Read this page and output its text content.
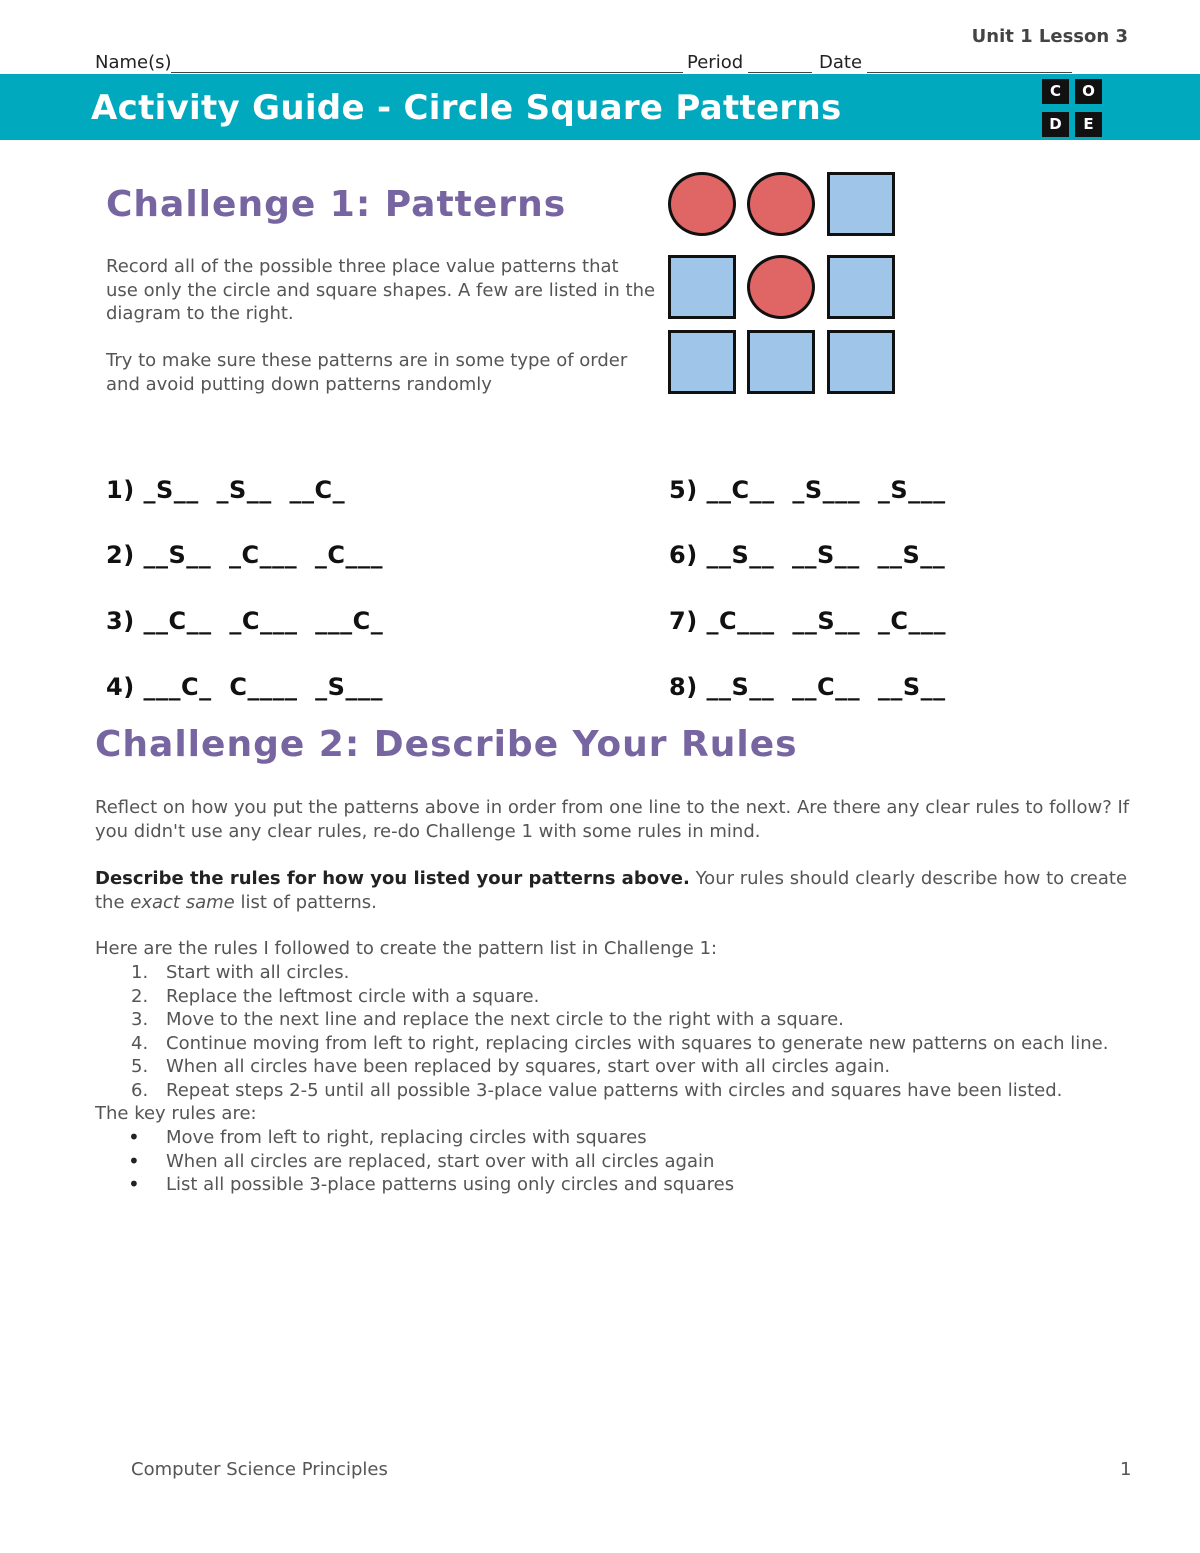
Unit 1 Lesson 3
Name(s)	Period	Date
Activity Guide - Circle Square Patterns	C	O
D	E
Challenge 1: Patterns
Record all of the possible three place value patterns that use only the circle and square shapes. A few are listed in the diagram to the right.
Try to make sure these patterns are in some type of order and avoid putting down patterns randomly
1) _S__  _S__  __C_
2) __S__  _C___  _C___
3) __C__  _C___  ___C_
4) ___C_  C____  _S___
5) __C__  _S___  _S___
6) __S__  __S__  __S__
7) _C___  __S__  _C___
8) __S__  __C__  __S__
Challenge 2: Describe Your Rules
Reflect on how you put the patterns above in order from one line to the next. Are there any clear rules to follow? If you didn't use any clear rules, re-do Challenge 1 with some rules in mind.
Describe the rules for how you listed your patterns above. Your rules should clearly describe how to create the exact same list of patterns.
Here are the rules I followed to create the pattern list in Challenge 1:
1. Start with all circles.
2. Replace the leftmost circle with a square.
3. Move to the next line and replace the next circle to the right with a square.
4. Continue moving from left to right, replacing circles with squares to generate new patterns on each line.
5. When all circles have been replaced by squares, start over with all circles again.
6. Repeat steps 2-5 until all possible 3-place value patterns with circles and squares have been listed.
The key rules are:
• Move from left to right, replacing circles with squares
• When all circles are replaced, start over with all circles again
• List all possible 3-place patterns using only circles and squares
Computer Science Principles	1
